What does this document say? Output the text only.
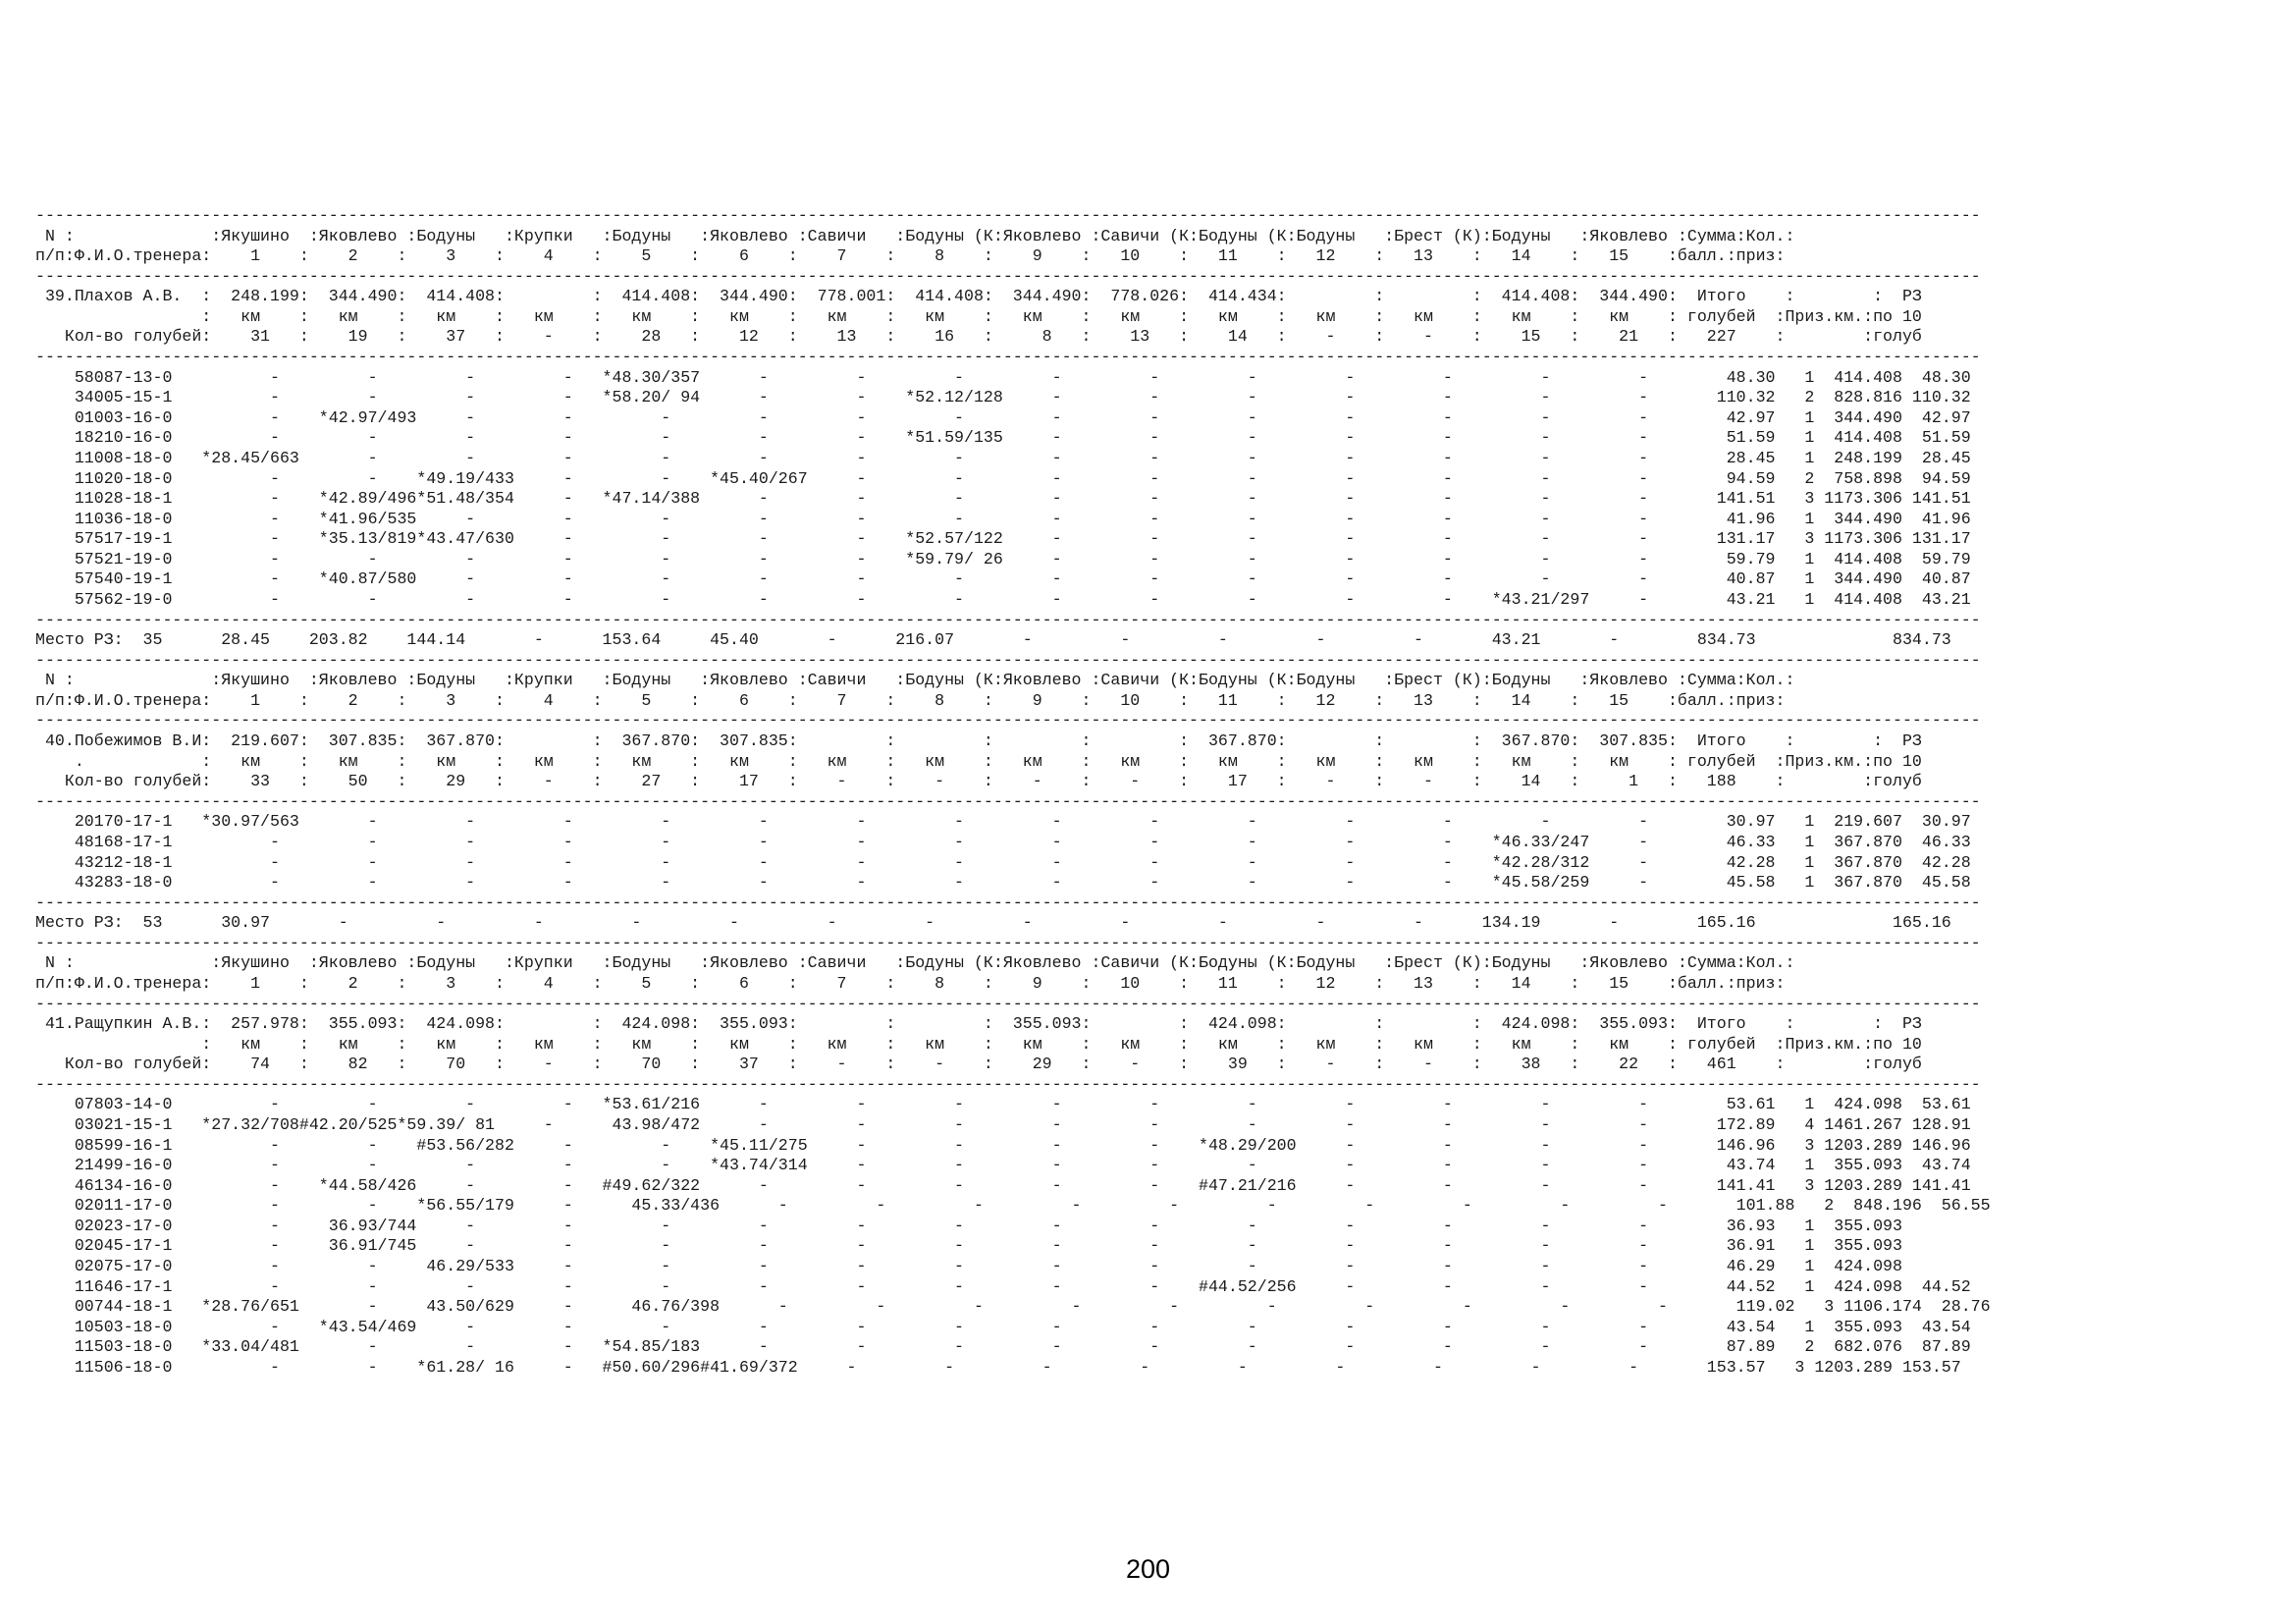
-------------------------------------------------------------------------------------------------------------------------------------------------------------------------------------------------------
N :              :Якушино  :Яковлево :Бодуны   :Крупки   :Бодуны   :Яковлево :Савичи   :Бодуны (К:Яковлево :Савичи (К:Бодуны (К:Бодуны   :Брест (К):Бодуны   :Яковлево :Сумма:Кол.:
п/п:Ф.И.О.тренера:    1    :    2    :    3    :    4    :    5    :    6    :    7    :    8    :    9    :   10    :   11    :   12    :   13    :   14    :   15    :балл.:приз:
-------------------------------------------------------------------------------------------------------------------------------------------------------------------------------------------------------
39.Плахов А.В.  :  248.199:  344.490:  414.408:         :  414.408:  344.490:  778.001:  414.408:  344.490:  778.026:  414.434:         :         :  414.408:  344.490:  Итого    :        :  РЗ
:   км    :   км    :   км    :   км    :   км    :   км    :   км    :   км    :   км    :   км    :   км    :   км    :   км    :   км    :   км    : голубей  :Приз.км.:по 10
Кол-во голубей:    31   :    19   :    37   :    -    :    28   :    12   :    13   :    16   :     8   :    13   :    14   :    -    :    -    :    15   :    21   :   227    :        :голуб
-------------------------------------------------------------------------------------------------------------------------------------------------------------------------------------------------------
58087-13-0          -         -         -         -   *48.30/357      -         -         -         -         -         -         -         -         -         -        48.30   1  414.408  48.30
34005-15-1          -         -         -         -   *58.20/ 94      -         -    *52.12/128     -         -         -         -         -         -         -       110.32   2  828.816 110.32
01003-16-0          -    *42.97/493     -         -         -         -         -         -         -         -         -         -         -         -         -        42.97   1  344.490  42.97
18210-16-0          -         -         -         -         -         -         -    *51.59/135     -         -         -         -         -         -         -        51.59   1  414.408  51.59
11008-18-0   *28.45/663       -         -         -         -         -         -         -         -         -         -         -         -         -         -        28.45   1  248.199  28.45
11020-18-0          -         -    *49.19/433     -         -    *45.40/267     -         -         -         -         -         -         -         -         -        94.59   2  758.898  94.59
11028-18-1          -    *42.89/496*51.48/354     -   *47.14/388      -         -         -         -         -         -         -         -         -         -       141.51   3 1173.306 141.51
11036-18-0          -    *41.96/535     -         -         -         -         -         -         -         -         -         -         -         -         -        41.96   1  344.490  41.96
57517-19-1          -    *35.13/819*43.47/630     -         -         -         -    *52.57/122     -         -         -         -         -         -         -       131.17   3 1173.306 131.17
57521-19-0          -         -         -         -         -         -         -    *59.79/ 26     -         -         -         -         -         -         -        59.79   1  414.408  59.79
57540-19-1          -    *40.87/580     -         -         -         -         -         -         -         -         -         -         -         -         -        40.87   1  344.490  40.87
57562-19-0          -         -         -         -         -         -         -         -         -         -         -         -         -    *43.21/297     -        43.21   1  414.408  43.21
-------------------------------------------------------------------------------------------------------------------------------------------------------------------------------------------------------
Место РЗ:  35      28.45    203.82    144.14       -      153.64     45.40       -      216.07       -         -         -         -         -       43.21       -        834.73              834.73
-------------------------------------------------------------------------------------------------------------------------------------------------------------------------------------------------------
N :              :Якушино  :Яковлево :Бодуны   :Крупки   :Бодуны   :Яковлево :Савичи   :Бодуны (К:Яковлево :Савичи (К:Бодуны (К:Бодуны   :Брест (К):Бодуны   :Яковлево :Сумма:Кол.:
п/п:Ф.И.О.тренера:    1    :    2    :    3    :    4    :    5    :    6    :    7    :    8    :    9    :   10    :   11    :   12    :   13    :   14    :   15    :балл.:приз:
-------------------------------------------------------------------------------------------------------------------------------------------------------------------------------------------------------
40.Побежимов В.И:  219.607:  307.835:  367.870:         :  367.870:  307.835:         :         :         :         :  367.870:         :         :  367.870:  307.835:  Итого    :        :  РЗ
.            :   км    :   км    :   км    :   км    :   км    :   км    :   км    :   км    :   км    :   км    :   км    :   км    :   км    :   км    :   км    : голубей  :Приз.км.:по 10
Кол-во голубей:    33   :    50   :    29   :    -    :    27   :    17   :    -    :    -    :    -    :    -    :    17   :    -    :    -    :    14   :     1   :   188    :        :голуб
-------------------------------------------------------------------------------------------------------------------------------------------------------------------------------------------------------
20170-17-1   *30.97/563       -         -         -         -         -         -         -         -         -         -         -         -         -         -        30.97   1  219.607  30.97
48168-17-1          -         -         -         -         -         -         -         -         -         -         -         -         -    *46.33/247     -        46.33   1  367.870  46.33
43212-18-1          -         -         -         -         -         -         -         -         -         -         -         -         -    *42.28/312     -        42.28   1  367.870  42.28
43283-18-0          -         -         -         -         -         -         -         -         -         -         -         -         -    *45.58/259     -        45.58   1  367.870  45.58
-------------------------------------------------------------------------------------------------------------------------------------------------------------------------------------------------------
Место РЗ:  53      30.97       -         -         -         -         -         -         -         -         -         -         -         -      134.19       -        165.16              165.16
-------------------------------------------------------------------------------------------------------------------------------------------------------------------------------------------------------
N :              :Якушино  :Яковлево :Бодуны   :Крупки   :Бодуны   :Яковлево :Савичи   :Бодуны (К:Яковлево :Савичи (К:Бодуны (К:Бодуны   :Брест (К):Бодуны   :Яковлево :Сумма:Кол.:
п/п:Ф.И.О.тренера:    1    :    2    :    3    :    4    :    5    :    6    :    7    :    8    :    9    :   10    :   11    :   12    :   13    :   14    :   15    :балл.:приз:
-------------------------------------------------------------------------------------------------------------------------------------------------------------------------------------------------------
41.Ращупкин А.В.:  257.978:  355.093:  424.098:         :  424.098:  355.093:         :         :  355.093:         :  424.098:         :         :  424.098:  355.093:  Итого    :        :  РЗ
:   км    :   км    :   км    :   км    :   км    :   км    :   км    :   км    :   км    :   км    :   км    :   км    :   км    :   км    :   км    : голубей  :Приз.км.:по 10
Кол-во голубей:    74   :    82   :    70   :    -    :    70   :    37   :    -    :    -    :    29   :    -    :    39   :    -    :    -    :    38   :    22   :   461    :        :голуб
-------------------------------------------------------------------------------------------------------------------------------------------------------------------------------------------------------
07803-14-0          -         -         -         -   *53.61/216      -         -         -         -         -         -         -         -         -         -        53.61   1  424.098  53.61
03021-15-1   *27.32/708#42.20/525*59.39/ 81     -      43.98/472      -         -         -         -         -         -         -         -         -         -       172.89   4 1461.267 128.91
08599-16-1          -         -    #53.56/282     -         -    *45.11/275     -         -         -         -    *48.29/200     -         -         -         -       146.96   3 1203.289 146.96
21499-16-0          -         -         -         -         -    *43.74/314     -         -         -         -         -         -         -         -         -        43.74   1  355.093  43.74
46134-16-0          -    *44.58/426     -         -   #49.62/322      -         -         -         -         -    #47.21/216     -         -         -         -       141.41   3 1203.289 141.41
02011-17-0          -         -    *56.55/179     -      45.33/436      -         -         -         -         -         -         -         -         -         -       101.88   2  848.196  56.55
02023-17-0          -     36.93/744     -         -         -         -         -         -         -         -         -         -         -         -         -        36.93   1  355.093
02045-17-1          -     36.91/745     -         -         -         -         -         -         -         -         -         -         -         -         -        36.91   1  355.093
02075-17-0          -         -     46.29/533     -         -         -         -         -         -         -         -         -         -         -         -        46.29   1  424.098
11646-17-1          -         -         -         -         -         -         -         -         -         -    #44.52/256     -         -         -         -        44.52   1  424.098  44.52
00744-18-1   *28.76/651       -     43.50/629     -      46.76/398      -         -         -         -         -         -         -         -         -         -       119.02   3 1106.174  28.76
10503-18-0          -    *43.54/469     -         -         -         -         -         -         -         -         -         -         -         -         -        43.54   1  355.093  43.54
11503-18-0   *33.04/481       -         -         -   *54.85/183      -         -         -         -         -         -         -         -         -         -        87.89   2  682.076  87.89
11506-18-0          -         -    *61.28/ 16     -   #50.60/296#41.69/372     -         -         -         -         -         -         -         -         -       153.57   3 1203.289 153.57
200
